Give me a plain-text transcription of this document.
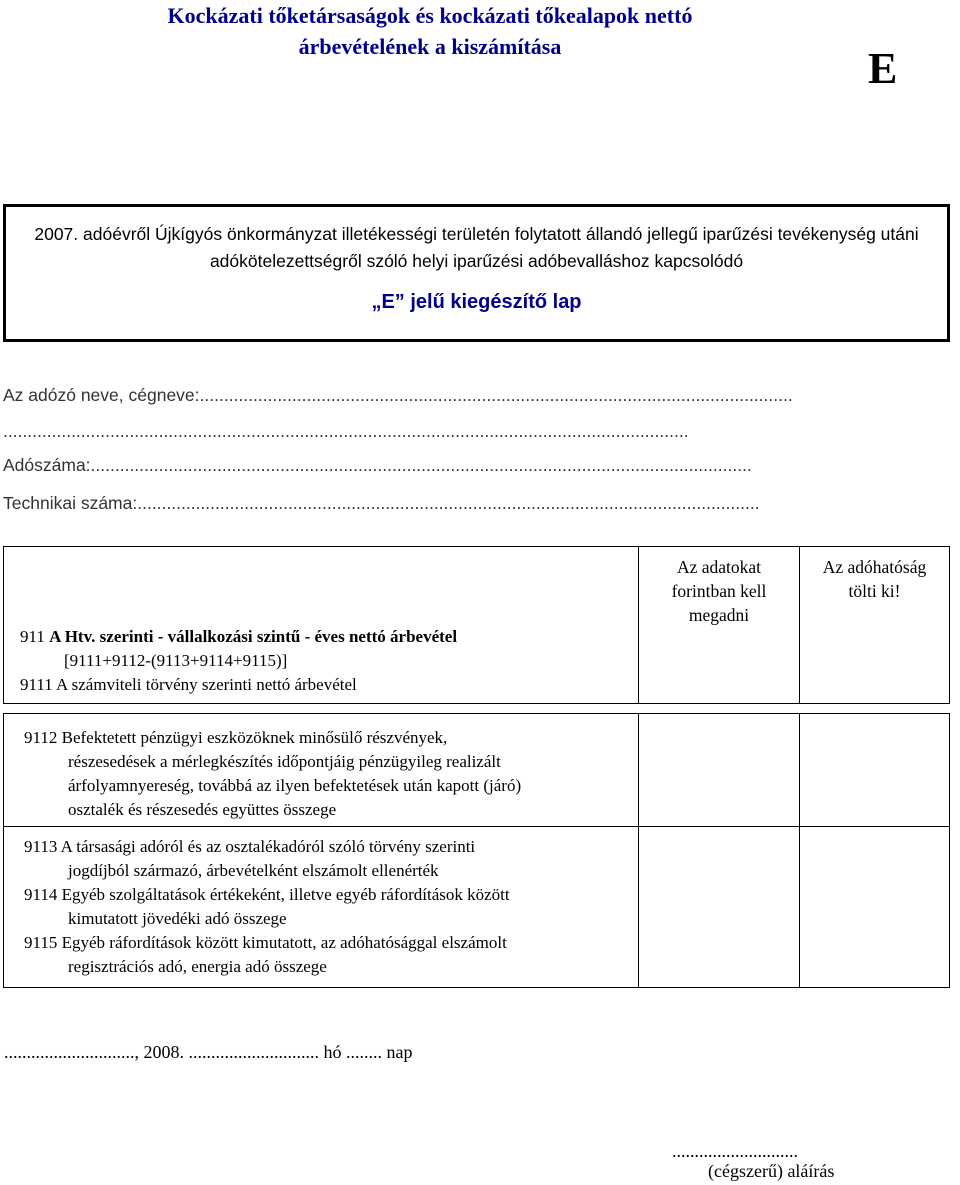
Kockázati tőketársaságok és kockázati tőkealapok nettó árbevételének a kiszámítása	E
2007. adóévről Újkígyós önkormányzat illetékességi területén folytatott állandó jellegű iparűzési tevékenység utáni adókötelezettségről szóló helyi iparűzési adóbevalláshoz kapcsolódó
„E” jelű kiegészítő lap
Az adózó neve, cégneve:..........................................................................................................................
.............................................................................................................................................
Adószáma:........................................................................................................................................
Technikai száma:................................................................................................................................
911 A Htv. szerinti - vállalkozási szintű - éves nettó árbevétel
[9111+9112-(9113+9114+9115)]
9111 A számviteli törvény szerinti nettó árbevétel
Az adatokat forintban kell megadni
Az adóhatóság tölti ki!
9112 Befektetett pénzügyi eszközöknek minősülő részvények,
részesedések a mérlegkészítés időpontjáig pénzügyileg realizált
árfolyamnyereség, továbbá az ilyen befektetések után kapott (járó)
osztalék és részesedés együttes összege
9113 A társasági adóról és az osztalékadóról szóló törvény szerinti
jogdíjból származó, árbevételként elszámolt ellenérték
9114 Egyéb szolgáltatások értékeként, illetve egyéb ráfordítások között
kimutatott jövedéki adó összege
9115 Egyéb ráfordítások között kimutatott, az adóhatósággal elszámolt
regisztrációs adó, energia adó összege
............................., 2008. ............................. hó ........ nap
............................
(cégszerű) aláírás
